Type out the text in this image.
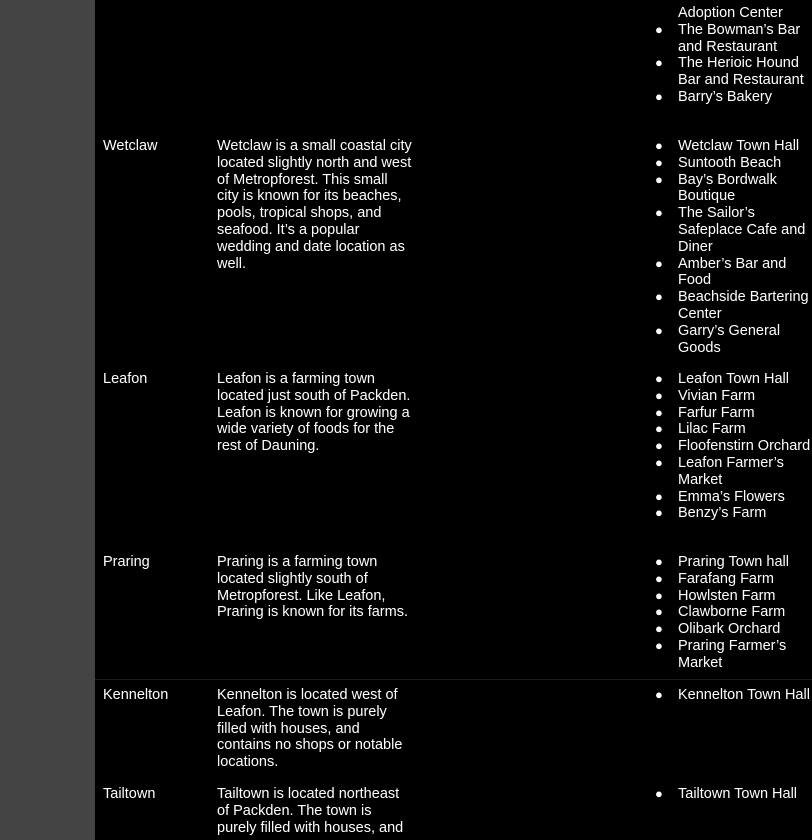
Adoption Center
● The Bowman’s Bar and Restaurant
● The Herioic Hound Bar and Restaurant
● Barry’s Bakery
Wetclaw	Wetclaw is a small coastal city located slightly north and west of Metropforest. This small city is known for its beaches, pools, tropical shops, and seafood. It’s a popular wedding and date location as well.
● Wetclaw Town Hall
● Suntooth Beach
● Bay’s Bordwalk Boutique
● The Sailor’s Safeplace Cafe and Diner
● Amber’s Bar and Food
● Beachside Bartering Center
● Garry’s General Goods
Leafon	Leafon is a farming town located just south of Packden. Leafon is known for growing a wide variety of foods for the rest of Dauning.
● Leafon Town Hall
● Vivian Farm
● Farfur Farm
● Lilac Farm
● Floofenstirn Orchard
● Leafon Farmer’s Market
● Emma’s Flowers
● Benzy’s Farm
Praring	Praring is a farming town located slightly south of Metropforest. Like Leafon, Praring is known for its farms.
● Praring Town hall
● Farafang Farm
● Howlsten Farm
● Clawborne Farm
● Olibark Orchard
● Praring Farmer’s Market
Kennelton	Kennelton is located west of Leafon. The town is purely filled with houses, and contains no shops or notable locations.
● Kennelton Town Hall
Tailtown	Tailtown is located northeast of Packden. The town is purely filled with houses, and
● Tailtown Town Hall
